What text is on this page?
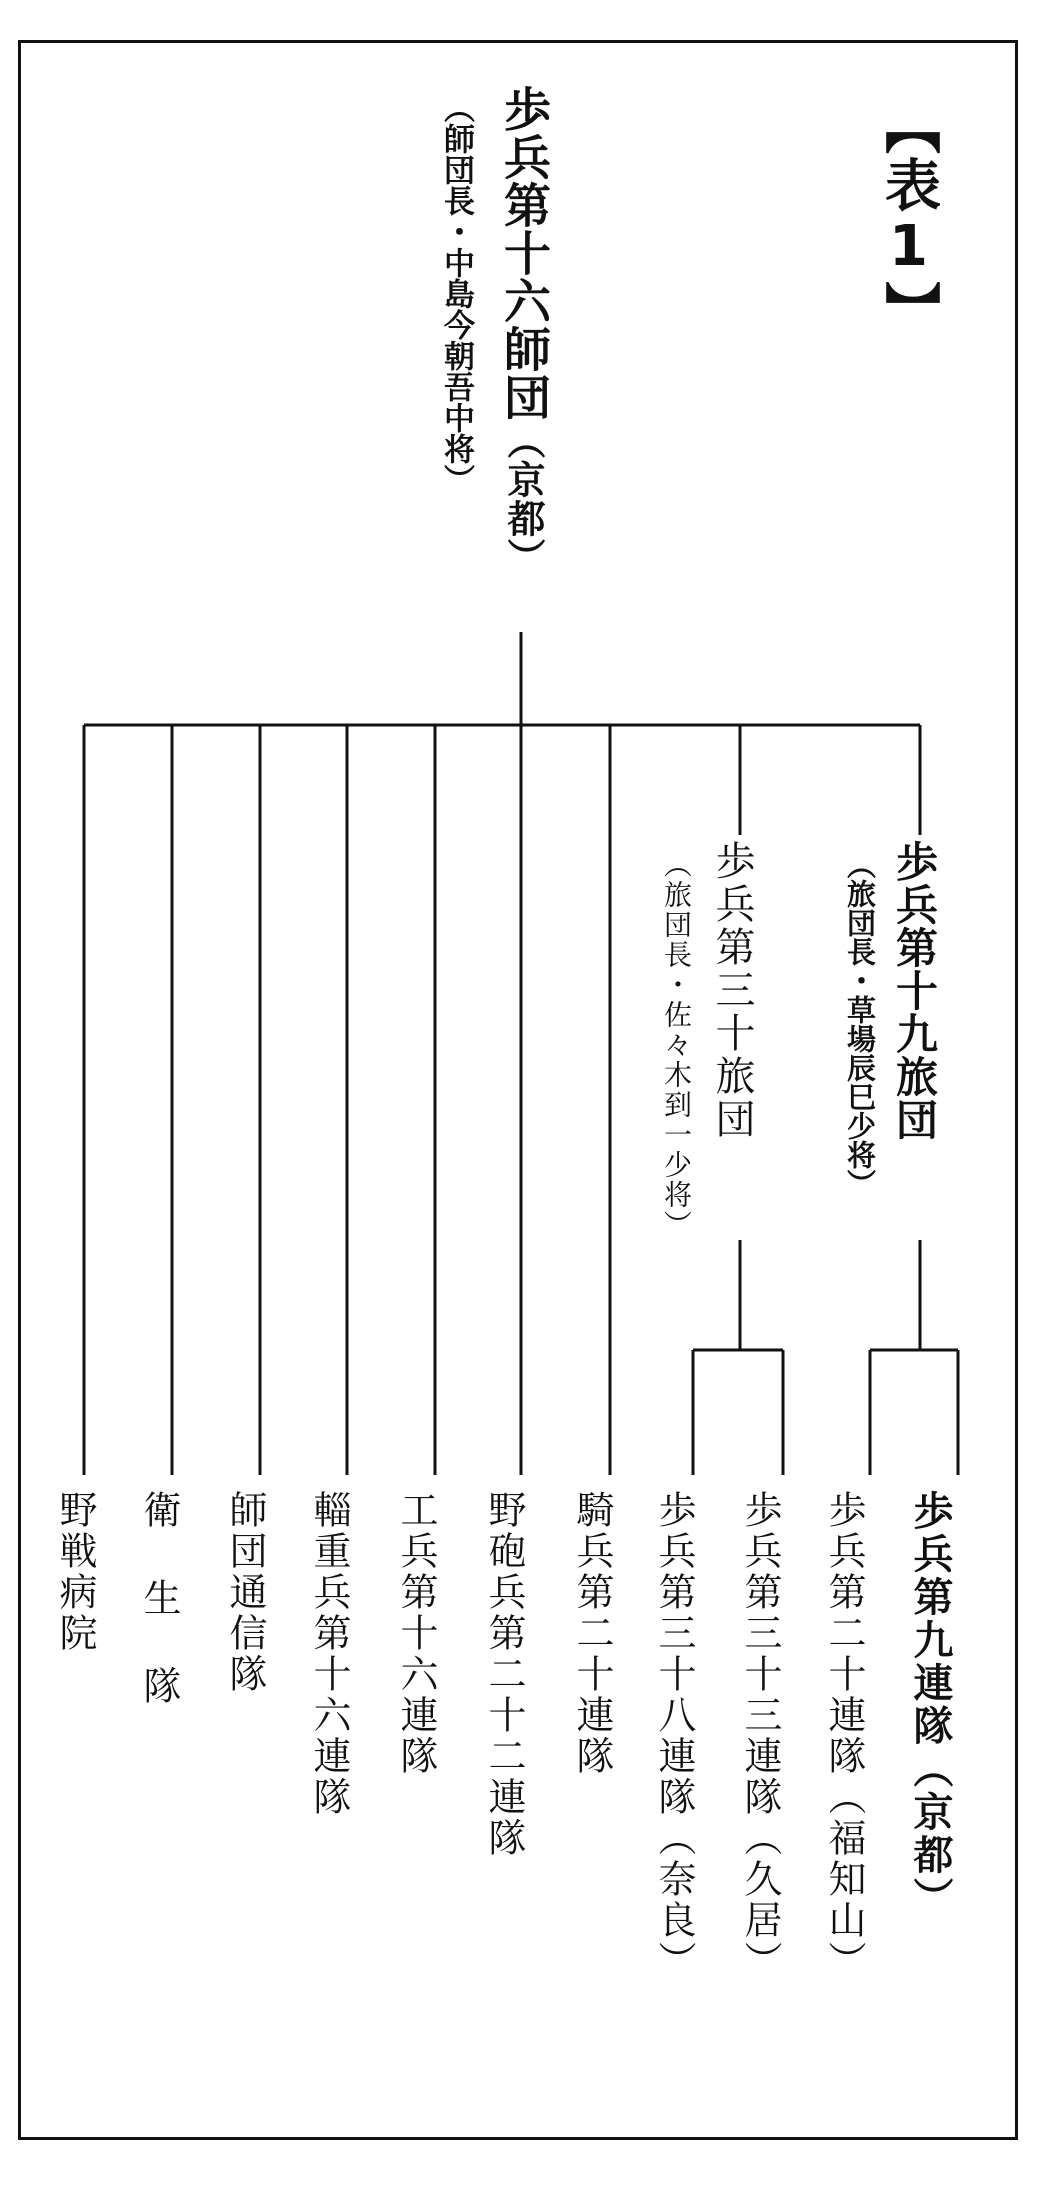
【表1】
歩兵第十六師団（京都）
（師団長・中島今朝吾中将）
歩兵第十九旅団
（旅団長・草場辰巳少将）
歩兵第三十旅団
（旅団長・佐々木到一少将）
歩兵第九連隊（京都）
歩兵第二十連隊（福知山）
歩兵第三十三連隊（久居）
歩兵第三十八連隊（奈良）
騎兵第二十連隊
野砲兵第二十二連隊
工兵第十六連隊
輜重兵第十六連隊
師団通信隊
衛 生 隊
野戦病院
